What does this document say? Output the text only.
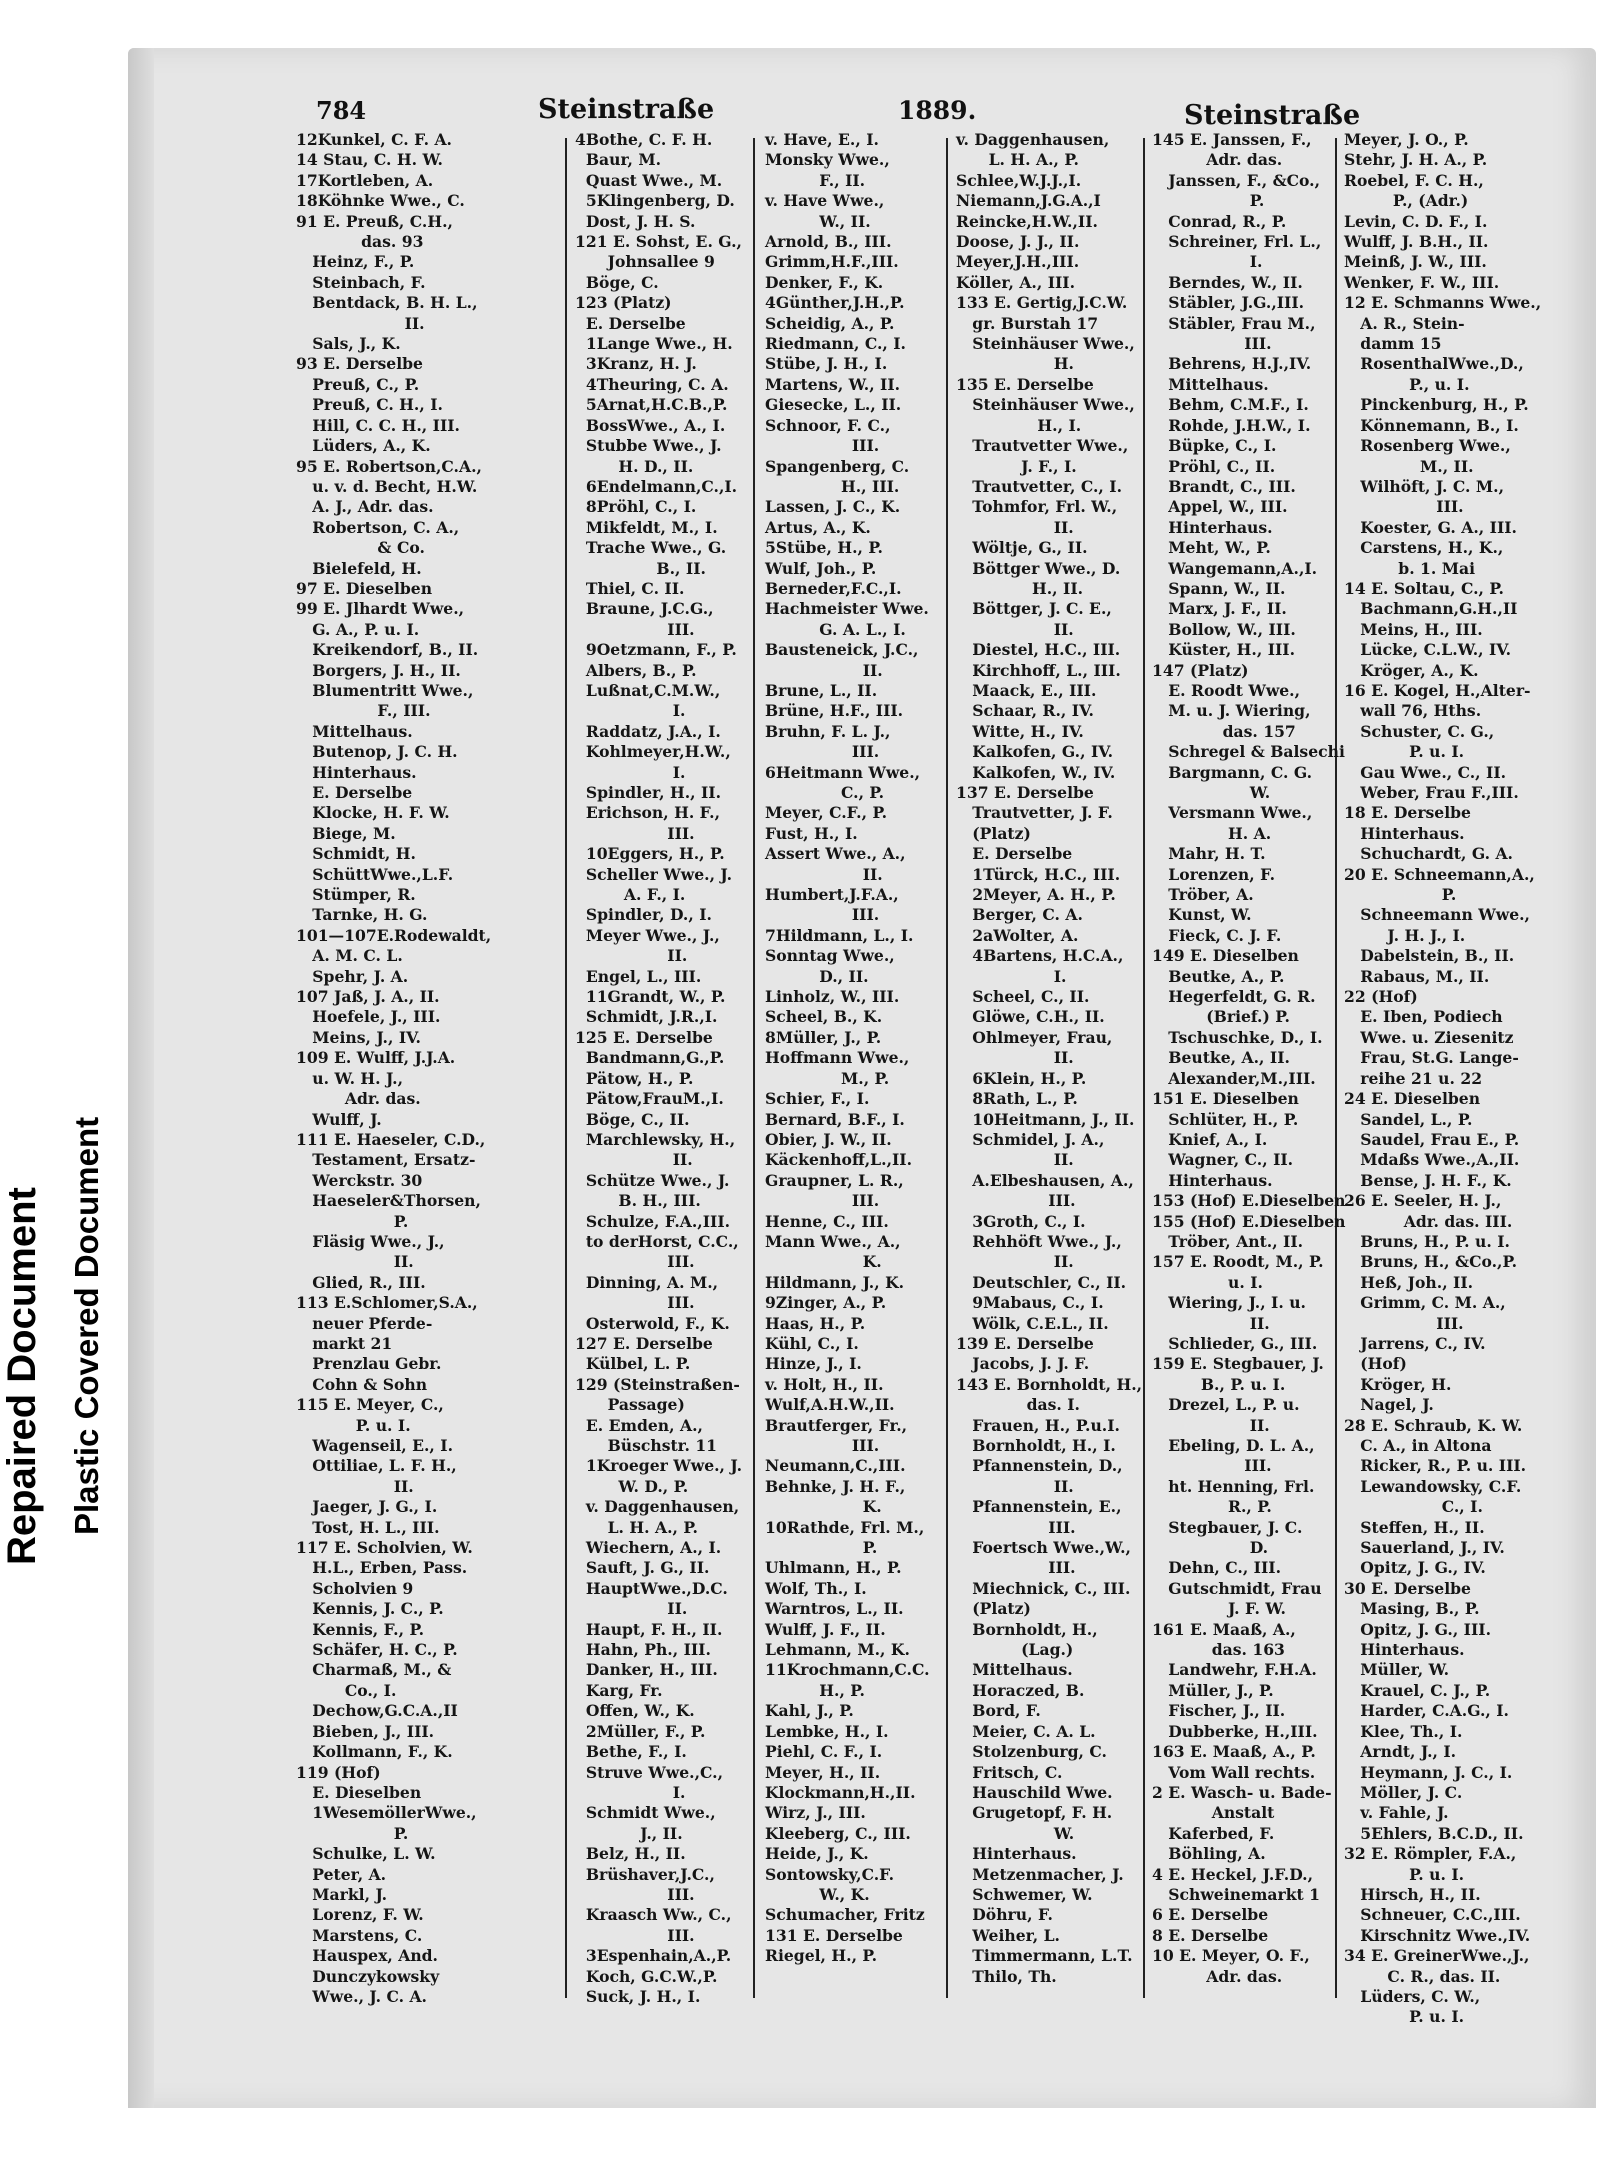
Repaired Document Plastic Covered Document
784	Steinstraße	1889.	Steinstraße
12Kunkel, C. F. A.
14 Stau, C. H. W.
17Kortleben, A.
18Köhnke Wwe., C.
91 E. Preuß, C.H.,
das. 93
Heinz, F., P.
Steinbach, F.
Bentdack, B. H. L.,
II.
Sals, J., K.
93 E. Derselbe
Preuß, C., P.
Preuß, C. H., I.
Hill, C. C. H., III.
Lüders, A., K.
95 E. Robertson,C.A.,
u. v. d. Becht, H.W.
A. J., Adr. das.
Robertson, C. A.,
& Co.
Bielefeld, H.
97 E. Dieselben
99 E. Jlhardt Wwe.,
G. A., P. u. I.
Kreikendorf, B., II.
Borgers, J. H., II.
Blumentritt Wwe.,
F., III.
Mittelhaus.
Butenop, J. C. H.
Hinterhaus.
E. Derselbe
Klocke, H. F. W.
Biege, M.
Schmidt, H.
SchüttWwe.,L.F.
Stümper, R.
Tarnke, H. G.
101—107E.Rodewaldt,
A. M. C. L.
Spehr, J. A.
107 Jaß, J. A., II.
Hoefele, J., III.
Meins, J., IV.
109 E. Wulff, J.J.A.
u. W. H. J.,
Adr. das.
Wulff, J.
111 E. Haeseler, C.D.,
Testament, Ersatz-
Werckstr. 30
Haeseler&Thorsen,
P.
Fläsig Wwe., J.,
II.
Glied, R., III.
113 E.Schlomer,S.A.,
neuer Pferde-
markt 21
Prenzlau Gebr.
Cohn & Sohn
115 E. Meyer, C.,
P. u. I.
Wagenseil, E., I.
Ottiliae, L. F. H.,
II.
Jaeger, J. G., I.
Tost, H. L., III.
117 E. Scholvien, W.
H.L., Erben, Pass.
Scholvien 9
Kennis, J. C., P.
Kennis, F., P.
Schäfer, H. C., P.
Charmaß, M., &
Co., I.
Dechow,G.C.A.,II
Bieben, J., III.
Kollmann, F., K.
119 (Hof)
E. Dieselben
1WesemöllerWwe.,
P.
Schulke, L. W.
Peter, A.
Markl, J.
Lorenz, F. W.
Marstens, C.
Hauspex, And.
Dunczykowsky
Wwe., J. C. A.
4Bothe, C. F. H.
Baur, M.
Quast Wwe., M.
5Klingenberg, D.
Dost, J. H. S.
121 E. Sohst, E. G.,
Johnsallee 9
Böge, C.
123 (Platz)
E. Derselbe
1Lange Wwe., H.
3Kranz, H. J.
4Theuring, C. A.
5Arnat,H.C.B.,P.
BossWwe., A., I.
Stubbe Wwe., J.
H. D., II.
6Endelmann,C.,I.
8Pröhl, C., I.
Mikfeldt, M., I.
Trache Wwe., G.
B., II.
Thiel, C. II.
Braune, J.C.G.,
III.
9Oetzmann, F., P.
Albers, B., P.
Lußnat,C.M.W.,
I.
Raddatz, J.A., I.
Kohlmeyer,H.W.,
I.
Spindler, H., II.
Erichson, H. F.,
III.
10Eggers, H., P.
Scheller Wwe., J.
A. F., I.
Spindler, D., I.
Meyer Wwe., J.,
II.
Engel, L., III.
11Grandt, W., P.
Schmidt, J.R.,I.
125 E. Derselbe
Bandmann,G.,P.
Pätow, H., P.
Pätow,FrauM.,I.
Böge, C., II.
Marchlewsky, H.,
II.
Schütze Wwe., J.
B. H., III.
Schulze, F.A.,III.
to derHorst, C.C.,
III.
Dinning, A. M.,
III.
Osterwold, F., K.
127 E. Derselbe
Külbel, L. P.
129 (Steinstraßen-
Passage)
E. Emden, A.,
Büschstr. 11
1Kroeger Wwe., J.
W. D., P.
v. Daggenhausen,
L. H. A., P.
Wiechern, A., I.
Sauft, J. G., II.
HauptWwe.,D.C.
II.
Haupt, F. H., II.
Hahn, Ph., III.
Danker, H., III.
Karg, Fr.
Offen, W., K.
2Müller, F., P.
Bethe, F., I.
Struve Wwe.,C.,
I.
Schmidt Wwe.,
J., II.
Belz, H., II.
Brüshaver,J.C.,
III.
Kraasch Ww., C.,
III.
3Espenhain,A.,P.
Koch, G.C.W.,P.
Suck, J. H., I.
v. Have, E., I.
Monsky Wwe.,
F., II.
v. Have Wwe.,
W., II.
Arnold, B., III.
Grimm,H.F.,III.
Denker, F., K.
4Günther,J.H.,P.
Scheidig, A., P.
Riedmann, C., I.
Stübe, J. H., I.
Martens, W., II.
Giesecke, L., II.
Schnoor, F. C.,
III.
Spangenberg, C.
H., III.
Lassen, J. C., K.
Artus, A., K.
5Stübe, H., P.
Wulf, Joh., P.
Berneder,F.C.,I.
Hachmeister Wwe.
G. A. L., I.
Bausteneick, J.C.,
II.
Brune, L., II.
Brüne, H.F., III.
Bruhn, F. L. J.,
III.
6Heitmann Wwe.,
C., P.
Meyer, C.F., P.
Fust, H., I.
Assert Wwe., A.,
II.
Humbert,J.F.A.,
III.
7Hildmann, L., I.
Sonntag Wwe.,
D., II.
Linholz, W., III.
Scheel, B., K.
8Müller, J., P.
Hoffmann Wwe.,
M., P.
Schier, F., I.
Bernard, B.F., I.
Obier, J. W., II.
Käckenhoff,L.,II.
Graupner, L. R.,
III.
Henne, C., III.
Mann Wwe., A.,
K.
Hildmann, J., K.
9Zinger, A., P.
Haas, H., P.
Kühl, C., I.
Hinze, J., I.
v. Holt, H., II.
Wulf,A.H.W.,II.
Brautferger, Fr.,
III.
Neumann,C.,III.
Behnke, J. H. F.,
K.
10Rathde, Frl. M.,
P.
Uhlmann, H., P.
Wolf, Th., I.
Warntros, L., II.
Wulff, J. F., II.
Lehmann, M., K.
11Krochmann,C.C.
H., P.
Kahl, J., P.
Lembke, H., I.
Piehl, C. F., I.
Meyer, H., II.
Klockmann,H.,II.
Wirz, J., III.
Kleeberg, C., III.
Heide, J., K.
Sontowsky,C.F.
W., K.
Schumacher, Fritz
131 E. Derselbe
Riegel, H., P.
v. Daggenhausen,
L. H. A., P.
Schlee,W.J.J.,I.
Niemann,J.G.A.,I
Reincke,H.W.,II.
Doose, J. J., II.
Meyer,J.H.,III.
Köller, A., III.
133 E. Gertig,J.C.W.
gr. Burstah 17
Steinhäuser Wwe.,
H.
135 E. Derselbe
Steinhäuser Wwe.,
H., I.
Trautvetter Wwe.,
J. F., I.
Trautvetter, C., I.
Tohmfor, Frl. W.,
II.
Wöltje, G., II.
Böttger Wwe., D.
H., II.
Böttger, J. C. E.,
II.
Diestel, H.C., III.
Kirchhoff, L., III.
Maack, E., III.
Schaar, R., IV.
Witte, H., IV.
Kalkofen, G., IV.
Kalkofen, W., IV.
137 E. Derselbe
Trautvetter, J. F.
(Platz)
E. Derselbe
1Türck, H.C., III.
2Meyer, A. H., P.
Berger, C. A.
2aWolter, A.
4Bartens, H.C.A.,
I.
Scheel, C., II.
Glöwe, C.H., II.
Ohlmeyer, Frau,
II.
6Klein, H., P.
8Rath, L., P.
10Heitmann, J., II.
Schmidel, J. A.,
II.
A.Elbeshausen, A.,
III.
3Groth, C., I.
Rehhöft Wwe., J.,
II.
Deutschler, C., II.
9Mabaus, C., I.
Wölk, C.E.L., II.
139 E. Derselbe
Jacobs, J. J. F.
143 E. Bornholdt, H.,
das. I.
Frauen, H., P.u.I.
Bornholdt, H., I.
Pfannenstein, D.,
II.
Pfannenstein, E.,
III.
Foertsch Wwe.,W.,
III.
Miechnick, C., III.
(Platz)
Bornholdt, H.,
(Lag.)
Mittelhaus.
Horaczed, B.
Bord, F.
Meier, C. A. L.
Stolzenburg, C.
Fritsch, C.
Hauschild Wwe.
Grugetopf, F. H.
W.
Hinterhaus.
Metzenmacher, J.
Schwemer, W.
Döhru, F.
Weiher, L.
Timmermann, L.T.
Thilo, Th.
145 E. Janssen, F.,
Adr. das.
Janssen, F., &Co.,
P.
Conrad, R., P.
Schreiner, Frl. L.,
I.
Berndes, W., II.
Stäbler, J.G.,III.
Stäbler, Frau M.,
III.
Behrens, H.J.,IV.
Mittelhaus.
Behm, C.M.F., I.
Rohde, J.H.W., I.
Büpke, C., I.
Pröhl, C., II.
Brandt, C., III.
Appel, W., III.
Hinterhaus.
Meht, W., P.
Wangemann,A.,I.
Spann, W., II.
Marx, J. F., II.
Bollow, W., III.
Küster, H., III.
147 (Platz)
E. Roodt Wwe.,
M. u. J. Wiering,
das. 157
Schregel & Balsechi
Bargmann, C. G.
W.
Versmann Wwe.,
H. A.
Mahr, H. T.
Lorenzen, F.
Tröber, A.
Kunst, W.
Fieck, C. J. F.
149 E. Dieselben
Beutke, A., P.
Hegerfeldt, G. R.
(Brief.) P.
Tschuschke, D., I.
Beutke, A., II.
Alexander,M.,III.
151 E. Dieselben
Schlüter, H., P.
Knief, A., I.
Wagner, C., II.
Hinterhaus.
153 (Hof) E.Dieselben
155 (Hof) E.Dieselben
Tröber, Ant., II.
157 E. Roodt, M., P.
u. I.
Wiering, J., I. u.
II.
Schlieder, G., III.
159 E. Stegbauer, J.
B., P. u. I.
Drezel, L., P. u.
II.
Ebeling, D. L. A.,
III.
ht. Henning, Frl.
R., P.
Stegbauer, J. C.
D.
Dehn, C., III.
Gutschmidt, Frau
J. F. W.
161 E. Maaß, A.,
das. 163
Landwehr, F.H.A.
Müller, J., P.
Fischer, J., II.
Dubberke, H.,III.
163 E. Maaß, A., P.
Vom Wall rechts.
2 E. Wasch- u. Bade-
Anstalt
Kaferbed, F.
Böhling, A.
4 E. Heckel, J.F.D.,
Schweinemarkt 1
6 E. Derselbe
8 E. Derselbe
10 E. Meyer, O. F.,
Adr. das.
Meyer, J. O., P.
Stehr, J. H. A., P.
Roebel, F. C. H.,
P., (Adr.)
Levin, C. D. F., I.
Wulff, J. B.H., II.
Meinß, J. W., III.
Wenker, F. W., III.
12 E. Schmanns Wwe.,
A. R., Stein-
damm 15
RosenthalWwe.,D.,
P., u. I.
Pinckenburg, H., P.
Könnemann, B., I.
Rosenberg Wwe.,
M., II.
Wilhöft, J. C. M.,
III.
Koester, G. A., III.
Carstens, H., K.,
b. 1. Mai
14 E. Soltau, C., P.
Bachmann,G.H.,II
Meins, H., III.
Lücke, C.L.W., IV.
Kröger, A., K.
16 E. Kogel, H.,Alter-
wall 76, Hths.
Schuster, C. G.,
P. u. I.
Gau Wwe., C., II.
Weber, Frau F.,III.
18 E. Derselbe
Hinterhaus.
Schuchardt, G. A.
20 E. Schneemann,A.,
P.
Schneemann Wwe.,
J. H. J., I.
Dabelstein, B., II.
Rabaus, M., II.
22 (Hof)
E. Iben, Podiech
Wwe. u. Ziesenitz
Frau, St.G. Lange-
reihe 21 u. 22
24 E. Dieselben
Sandel, L., P.
Saudel, Frau E., P.
Mdaßs Wwe.,A.,II.
Bense, J. H. F., K.
26 E. Seeler, H. J.,
Adr. das. III.
Bruns, H., P. u. I.
Bruns, H., &Co.,P.
Heß, Joh., II.
Grimm, C. M. A.,
III.
Jarrens, C., IV.
(Hof)
Kröger, H.
Nagel, J.
28 E. Schraub, K. W.
C. A., in Altona
Ricker, R., P. u. III.
Lewandowsky, C.F.
C., I.
Steffen, H., II.
Sauerland, J., IV.
Opitz, J. G., IV.
30 E. Derselbe
Masing, B., P.
Opitz, J. G., III.
Hinterhaus.
Müller, W.
Krauel, C. J., P.
Harder, C.A.G., I.
Klee, Th., I.
Arndt, J., I.
Heymann, J. C., I.
Möller, J. C.
v. Fahle, J.
5Ehlers, B.C.D., II.
32 E. Römpler, F.A.,
P. u. I.
Hirsch, H., II.
Schneuer, C.C.,III.
Kirschnitz Wwe.,IV.
34 E. GreinerWwe.,J.,
C. R., das. II.
Lüders, C. W.,
P. u. I.
